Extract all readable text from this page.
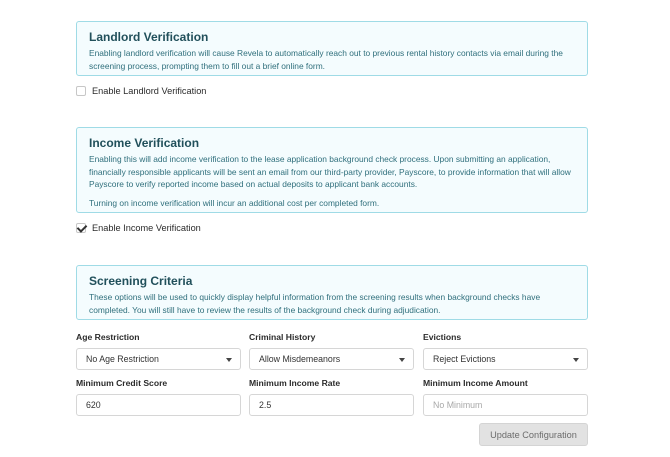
Landlord Verification

Enabling landlord verification will cause Revela to automatically reach out to previous rental history contacts via email during the screening process, prompting them to fill out a brief online form.

Enable Landlord Verification
Income Verification

Enabling this will add income verification to the lease application background check process. Upon submitting an application, financially responsible applicants will be sent an email from our third-party provider, Payscore, to provide information that will allow Payscore to verify reported income based on actual deposits to applicant bank accounts.

Turning on income verification will incur an additional cost per completed form.

Enable Income Verification
Screening Criteria

These options will be used to quickly display helpful information from the screening results when background checks have completed. You will still have to review the results of the background check during adjudication.

Age Restriction
No Age Restriction
Criminal History
Allow Misdemeanors
Evictions
Reject Evictions
Minimum Credit Score
620
Minimum Income Rate
2.5
Minimum Income Amount
No Minimum
Update Configuration
